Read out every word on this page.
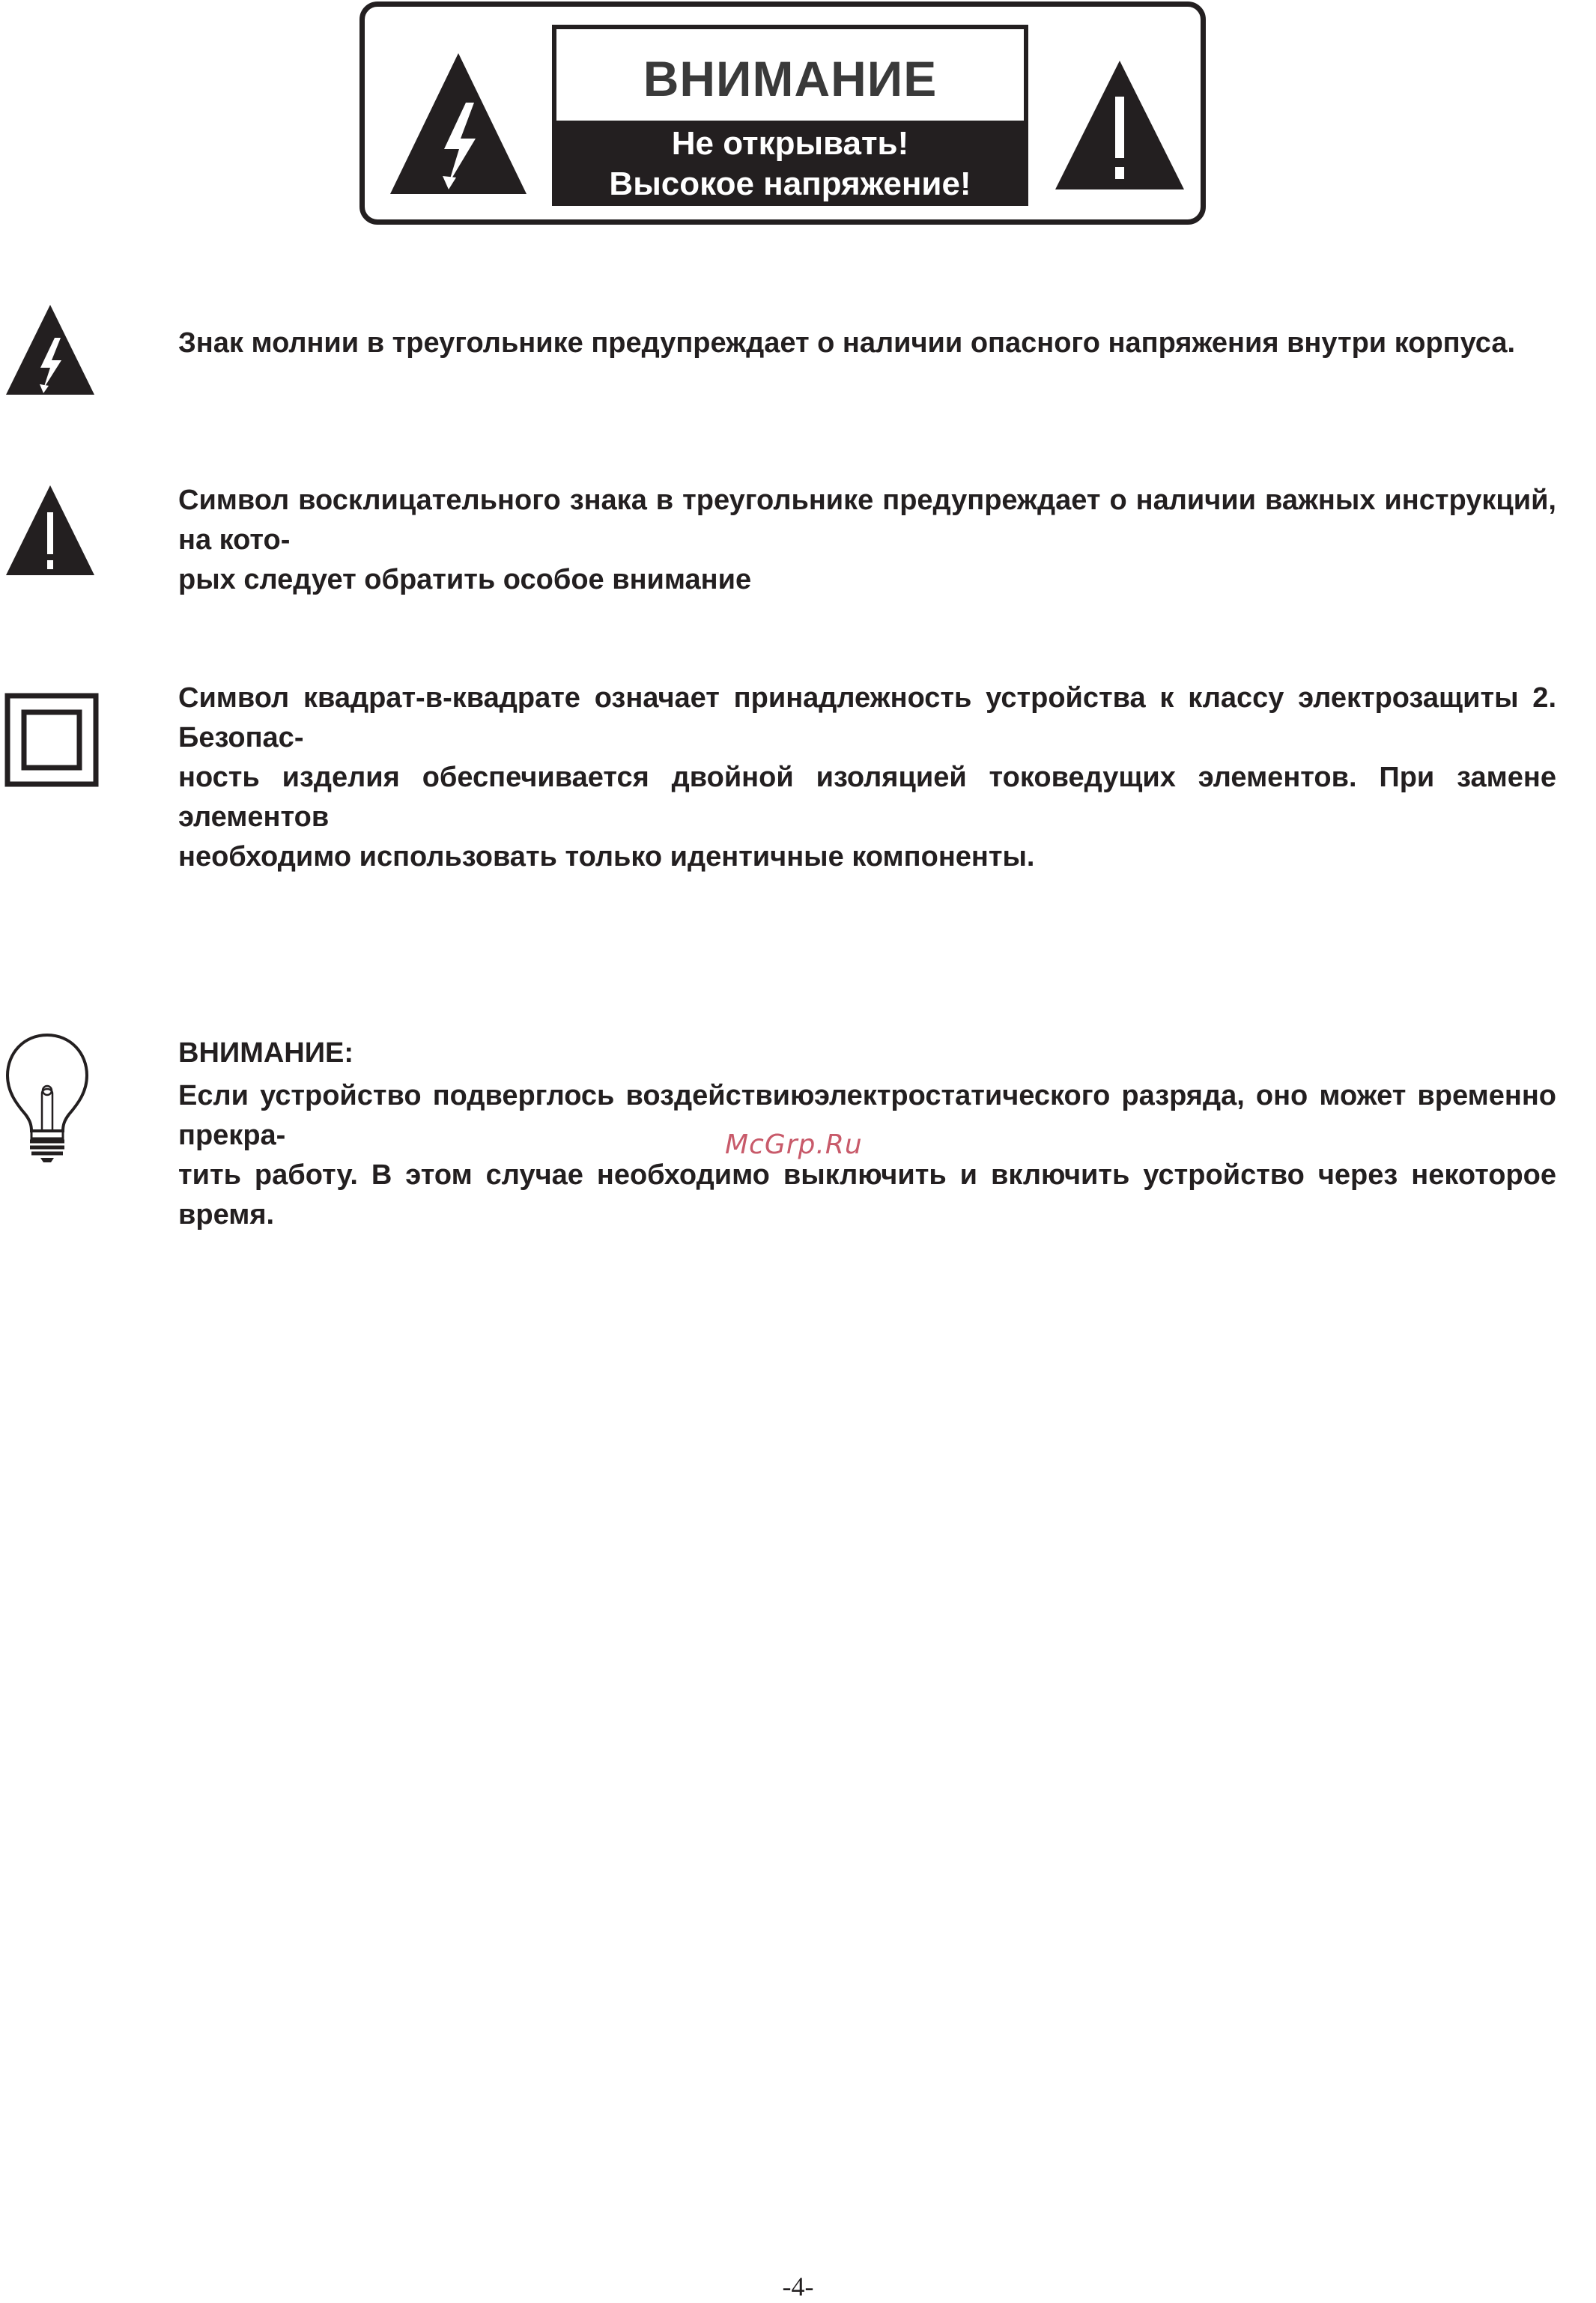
ВНИМАНИЕ
Не открывать!
Высокое напряжение!
Знак молнии в треугольнике предупреждает о наличии опасного напряжения внутри корпуса.
Символ восклицательного знака в треугольнике предупреждает о наличии важных инструкций, на кото-
рых следует обратить особое внимание
Символ квадрат-в-квадрате означает принадлежность устройства к классу электрозащиты 2. Безопас-
ность изделия обеспечивается двойной изоляцией токоведущих элементов. При замене элементов
необходимо использовать только идентичные компоненты.
ВНИМАНИЕ:
Если устройство подверглось воздействиюэлектростатического разряда, оно может временно прекра-
тить работу. В этом случае необходимо выключить и включить устройство через некоторое время.
McGrp.Ru
-4-
